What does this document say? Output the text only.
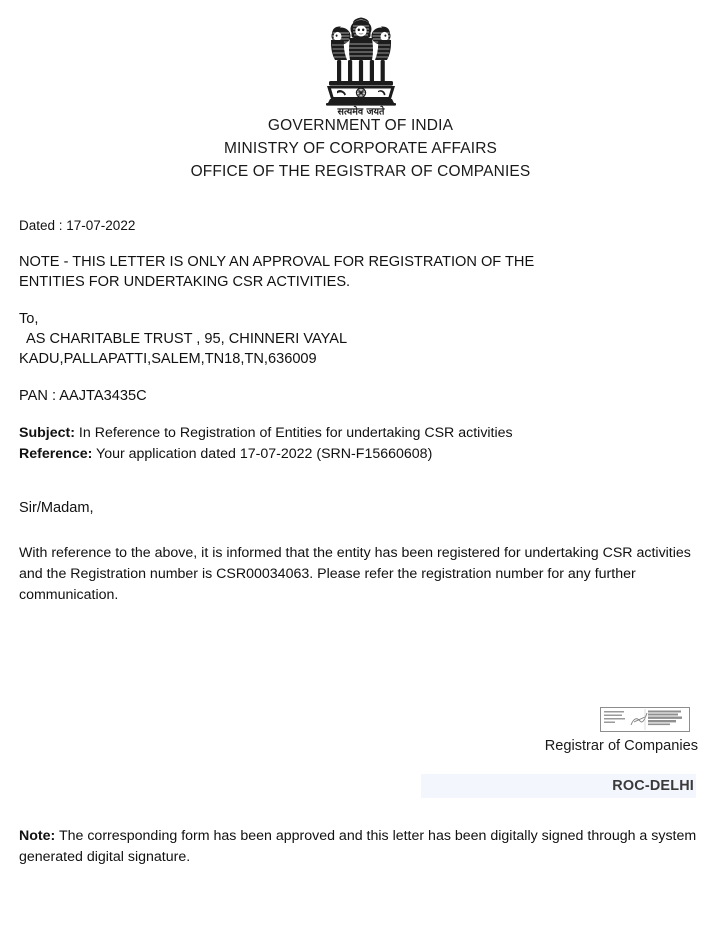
सत्यमेव जयते
GOVERNMENT OF INDIA
MINISTRY OF CORPORATE AFFAIRS
OFFICE OF THE REGISTRAR OF COMPANIES
Dated : 17-07-2022
NOTE - THIS LETTER IS ONLY AN APPROVAL FOR REGISTRATION OF THE
ENTITIES FOR UNDERTAKING CSR ACTIVITIES.
To,
AS CHARITABLE TRUST , 95, CHINNERI VAYAL
KADU,PALLAPATTI,SALEM,TN18,TN,636009
PAN : AAJTA3435C
Subject: In Reference to Registration of Entities for undertaking CSR activities
Reference: Your application dated 17-07-2022 (SRN-F15660608)
Sir/Madam,
With reference to the above, it is informed that the entity has been registered for undertaking CSR activities and the Registration number is CSR00034063. Please refer the registration number for any further communication.
Registrar of Companies
ROC-DELHI
Note: The corresponding form has been approved and this letter has been digitally signed through a system generated digital signature.
